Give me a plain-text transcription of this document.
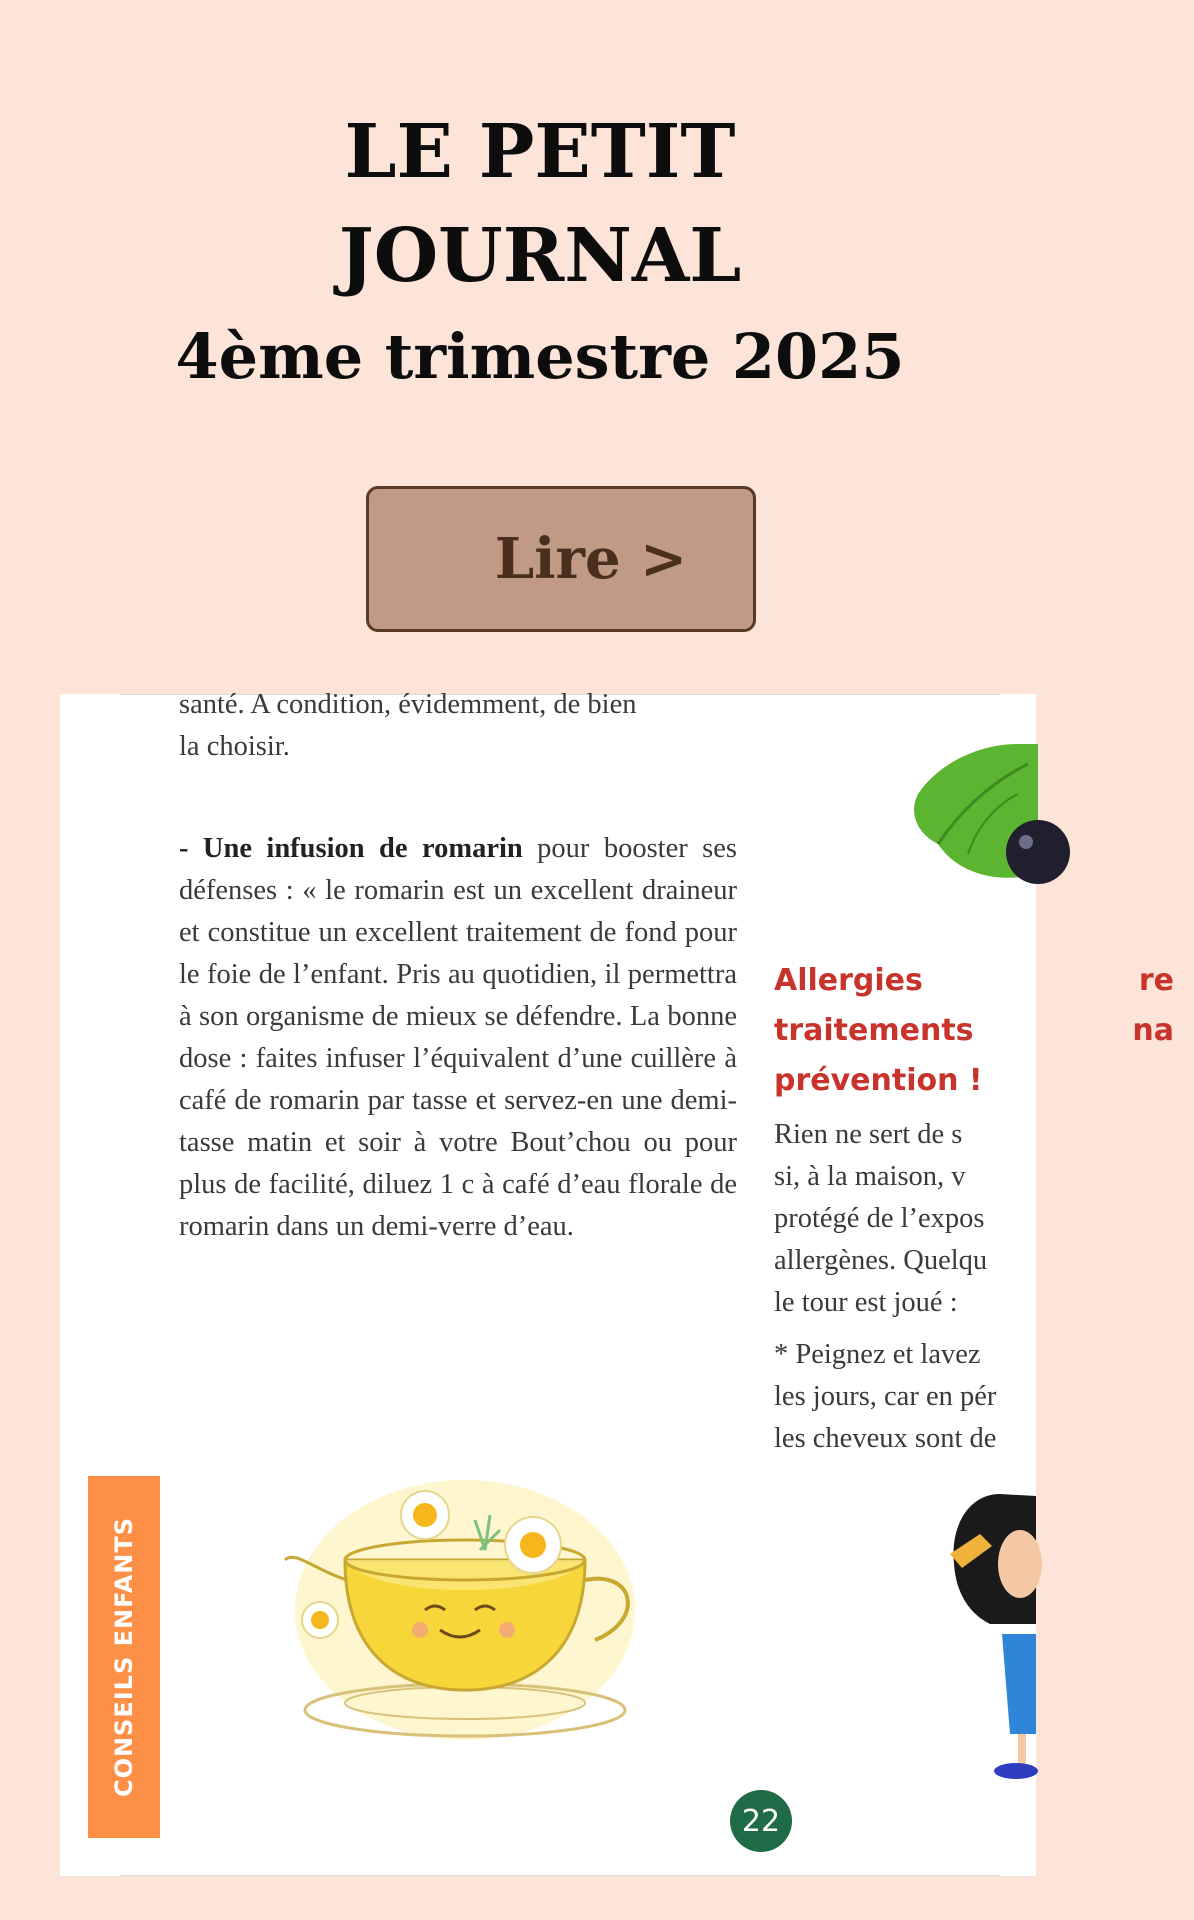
LE PETIT
JOURNAL
4ème trimestre 2025
Lire >

santé. A condition, évidemment, de bien
la choisir.

- Une infusion de romarin pour booster ses défenses : « le romarin est un excellent draineur et constitue un excellent traitement de fond pour le foie de l’enfant. Pris au quotidien, il permettra à son organisme de mieux se défendre. La bonne dose : faites infuser l’équivalent d’une cuillère à café de romarin par tasse et servez-en une demi-tasse matin et soir à votre Bout’chou ou pour plus de facilité, diluez 1 c à café d’eau florale de romarin dans un demi-verre d’eau.

Allergies	re
traitements	na
prévention !

Rien ne sert de s

si, à la maison, v

protégé de l’expos

allergènes. Quelqu

le tour est joué :

* Peignez et lavez

les jours, car en pér

les cheveux sont de

CONSEILS ENFANTS
22
